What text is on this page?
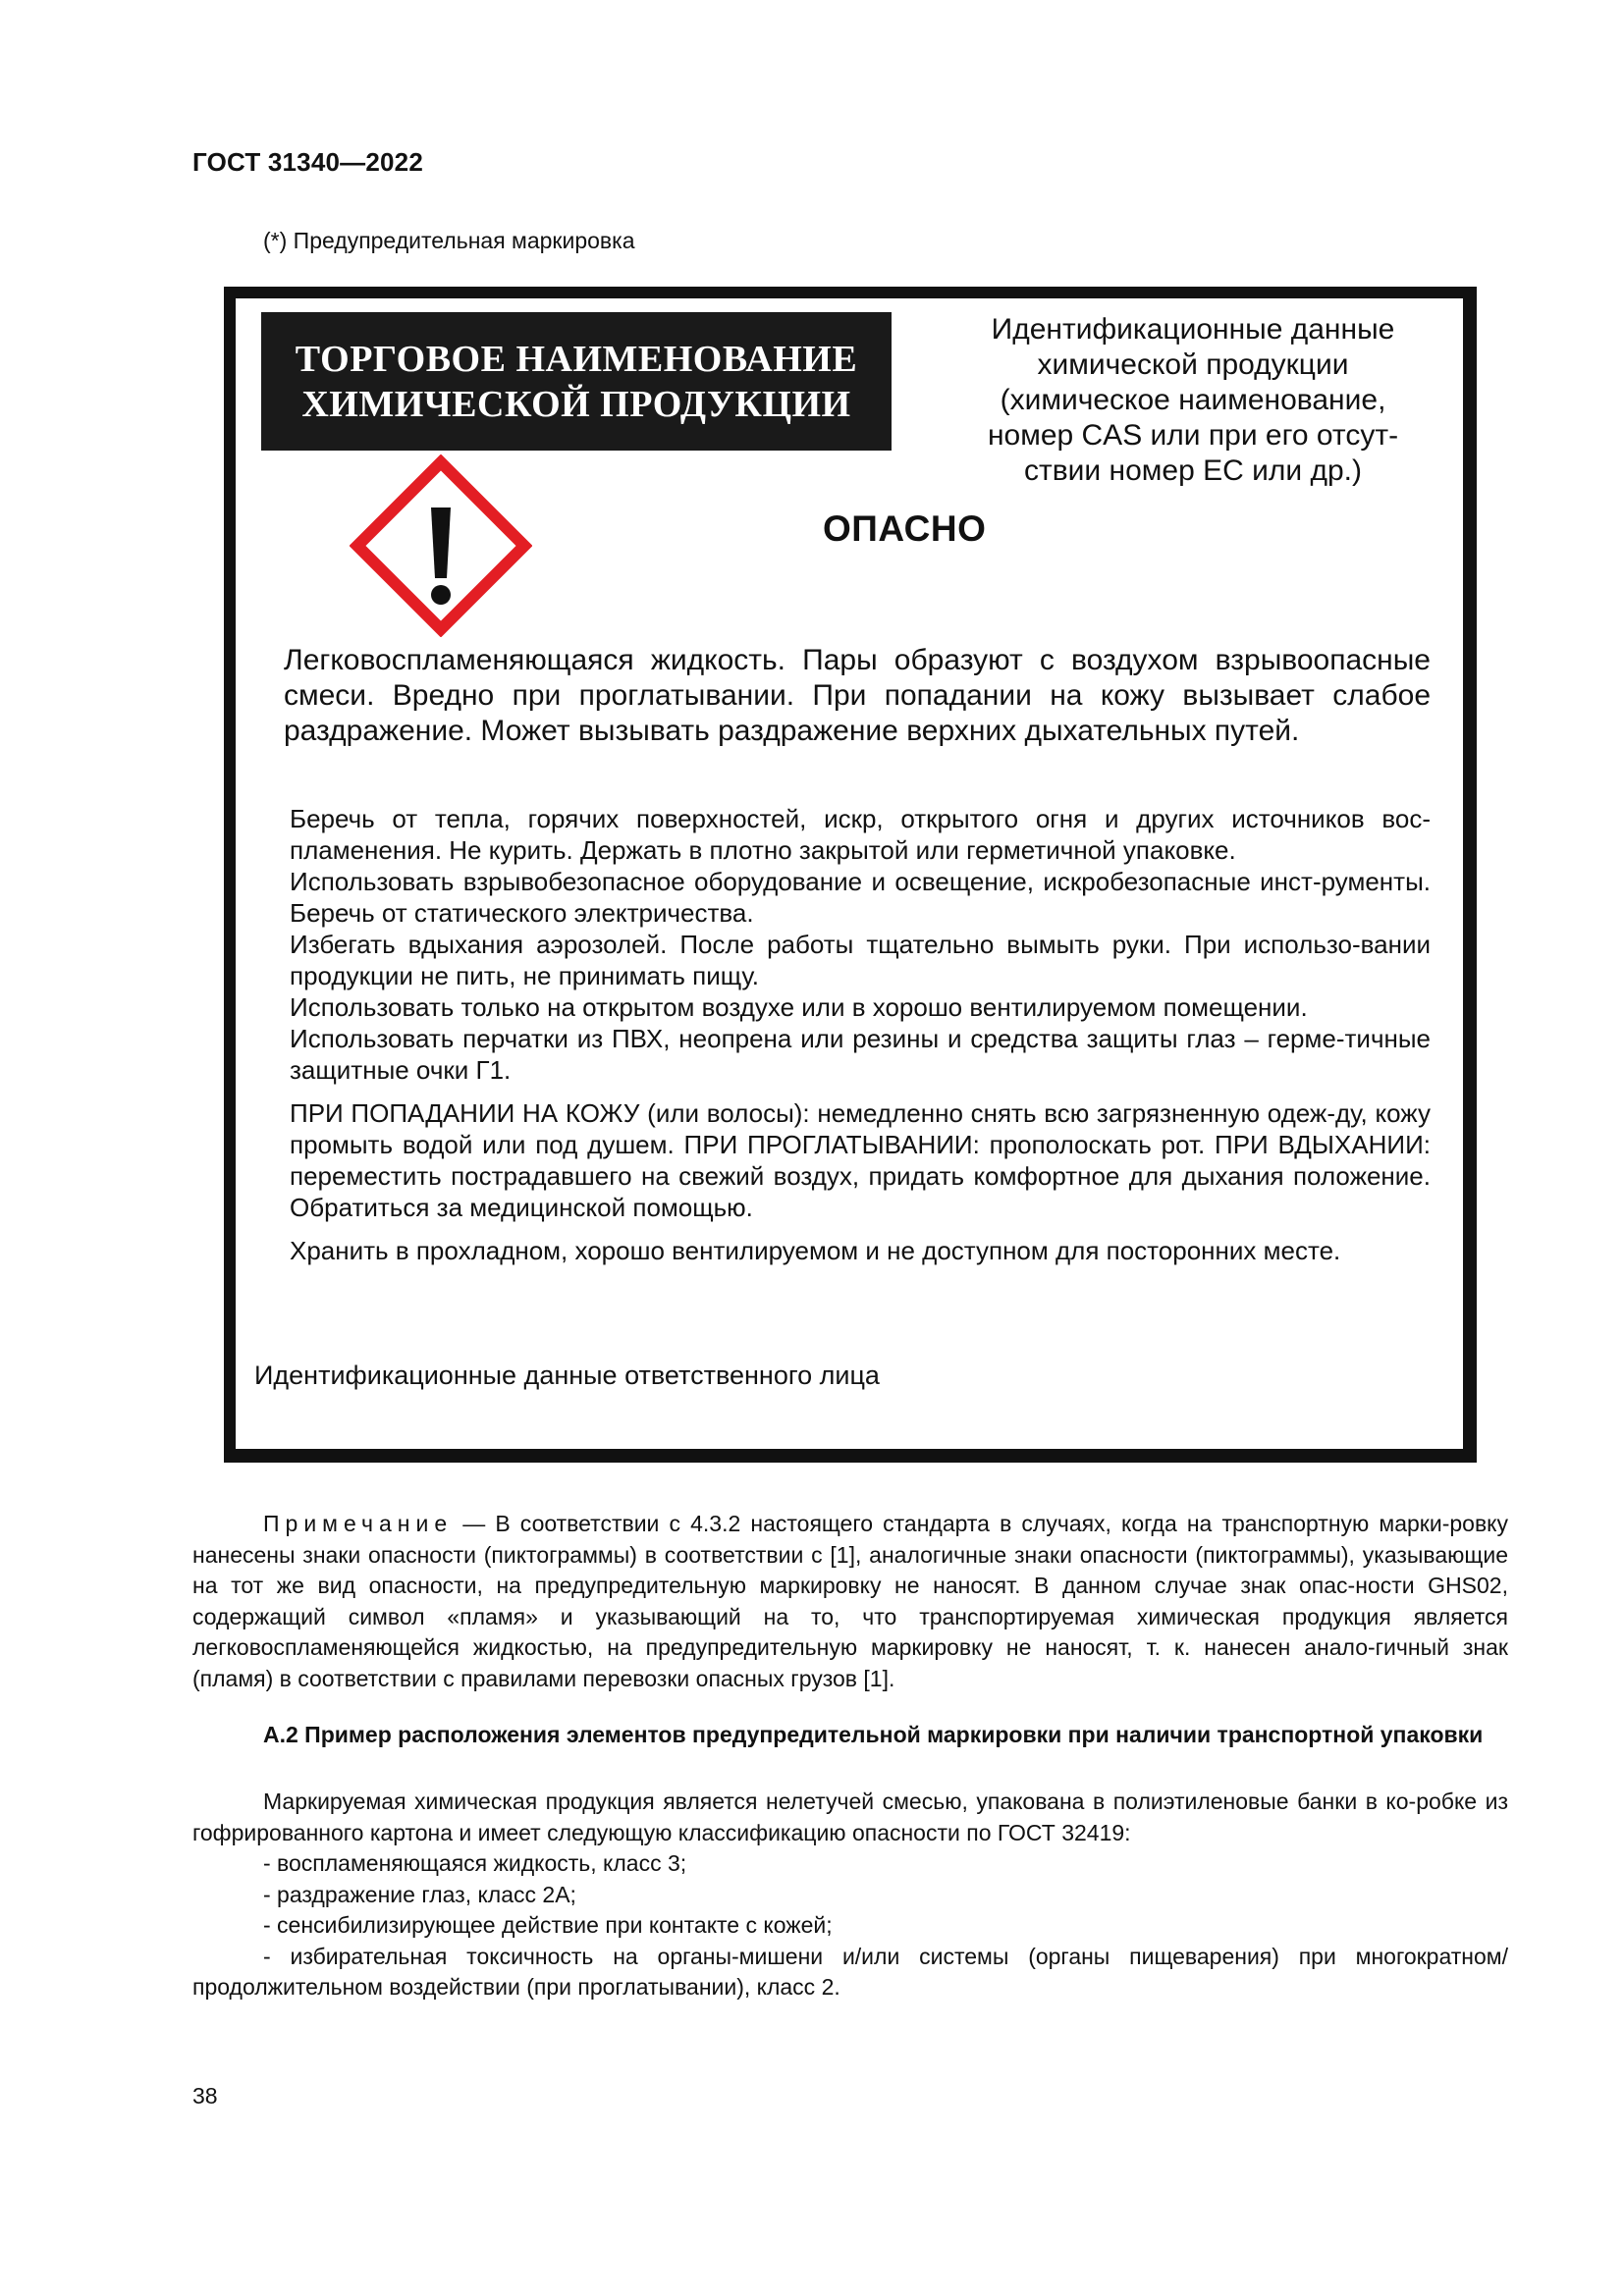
ГОСТ 31340—2022
(*) Предупредительная маркировка
ТОРГОВОЕ НАИМЕНОВАНИЕ
ХИМИЧЕСКОЙ ПРОДУКЦИИ
Идентификационные данные
химической продукции
(химическое наименование,
номер CAS или при его отсут-
ствии номер ЕС или др.)
ОПАСНО
Легковоспламеняющаяся жидкость. Пары образуют с воздухом взрывоопасные смеси. Вредно при проглатывании. При попадании на кожу вызывает слабое раздражение. Может вызывать раздражение верхних дыхательных путей.

Беречь от тепла, горячих поверхностей, искр, открытого огня и других источников вос-пламенения. Не курить. Держать в плотно закрытой или герметичной упаковке.

Использовать взрывобезопасное оборудование и освещение, искробезопасные инст-рументы. Беречь от статического электричества.

Избегать вдыхания аэрозолей. После работы тщательно вымыть руки. При использо-вании продукции не пить, не принимать пищу.

Использовать только на открытом воздухе или в хорошо вентилируемом помещении.

Использовать перчатки из ПВХ, неопрена или резины и средства защиты глаз – герме-тичные защитные очки Г1.

ПРИ ПОПАДАНИИ НА КОЖУ (или волосы): немедленно снять всю загрязненную одеж-ду, кожу промыть водой или под душем. ПРИ ПРОГЛАТЫВАНИИ: прополоскать рот. ПРИ ВДЫХАНИИ: переместить пострадавшего на свежий воздух, придать комфортное для дыхания положение. Обратиться за медицинской помощью.

Хранить в прохладном, хорошо вентилируемом и не доступном для посторонних месте.

Идентификационные данные ответственного лица
Примечание — В соответствии с 4.3.2 настоящего стандарта в случаях, когда на транспортную марки-ровку нанесены знаки опасности (пиктограммы) в соответствии с [1], аналогичные знаки опасности (пиктограммы), указывающие на тот же вид опасности, на предупредительную маркировку не наносят. В данном случае знак опас-ности GHS02, содержащий символ «пламя» и указывающий на то, что транспортируемая химическая продукция является легковоспламеняющейся жидкостью, на предупредительную маркировку не наносят, т. к. нанесен анало-гичный знак (пламя) в соответствии с правилами перевозки опасных грузов [1].
А.2 Пример расположения элементов предупредительной маркировки при наличии транспортной упаковки
Маркируемая химическая продукция является нелетучей смесью, упакована в полиэтиленовые банки в ко-робке из гофрированного картона и имеет следующую классификацию опасности по ГОСТ 32419:
- воспламеняющаяся жидкость, класс 3;
- раздражение глаз, класс 2А;
- сенсибилизирующее действие при контакте с кожей;
- избирательная токсичность на органы-мишени и/или системы (органы пищеварения) при многократном/ продолжительном воздействии (при проглатывании), класс 2.
38
